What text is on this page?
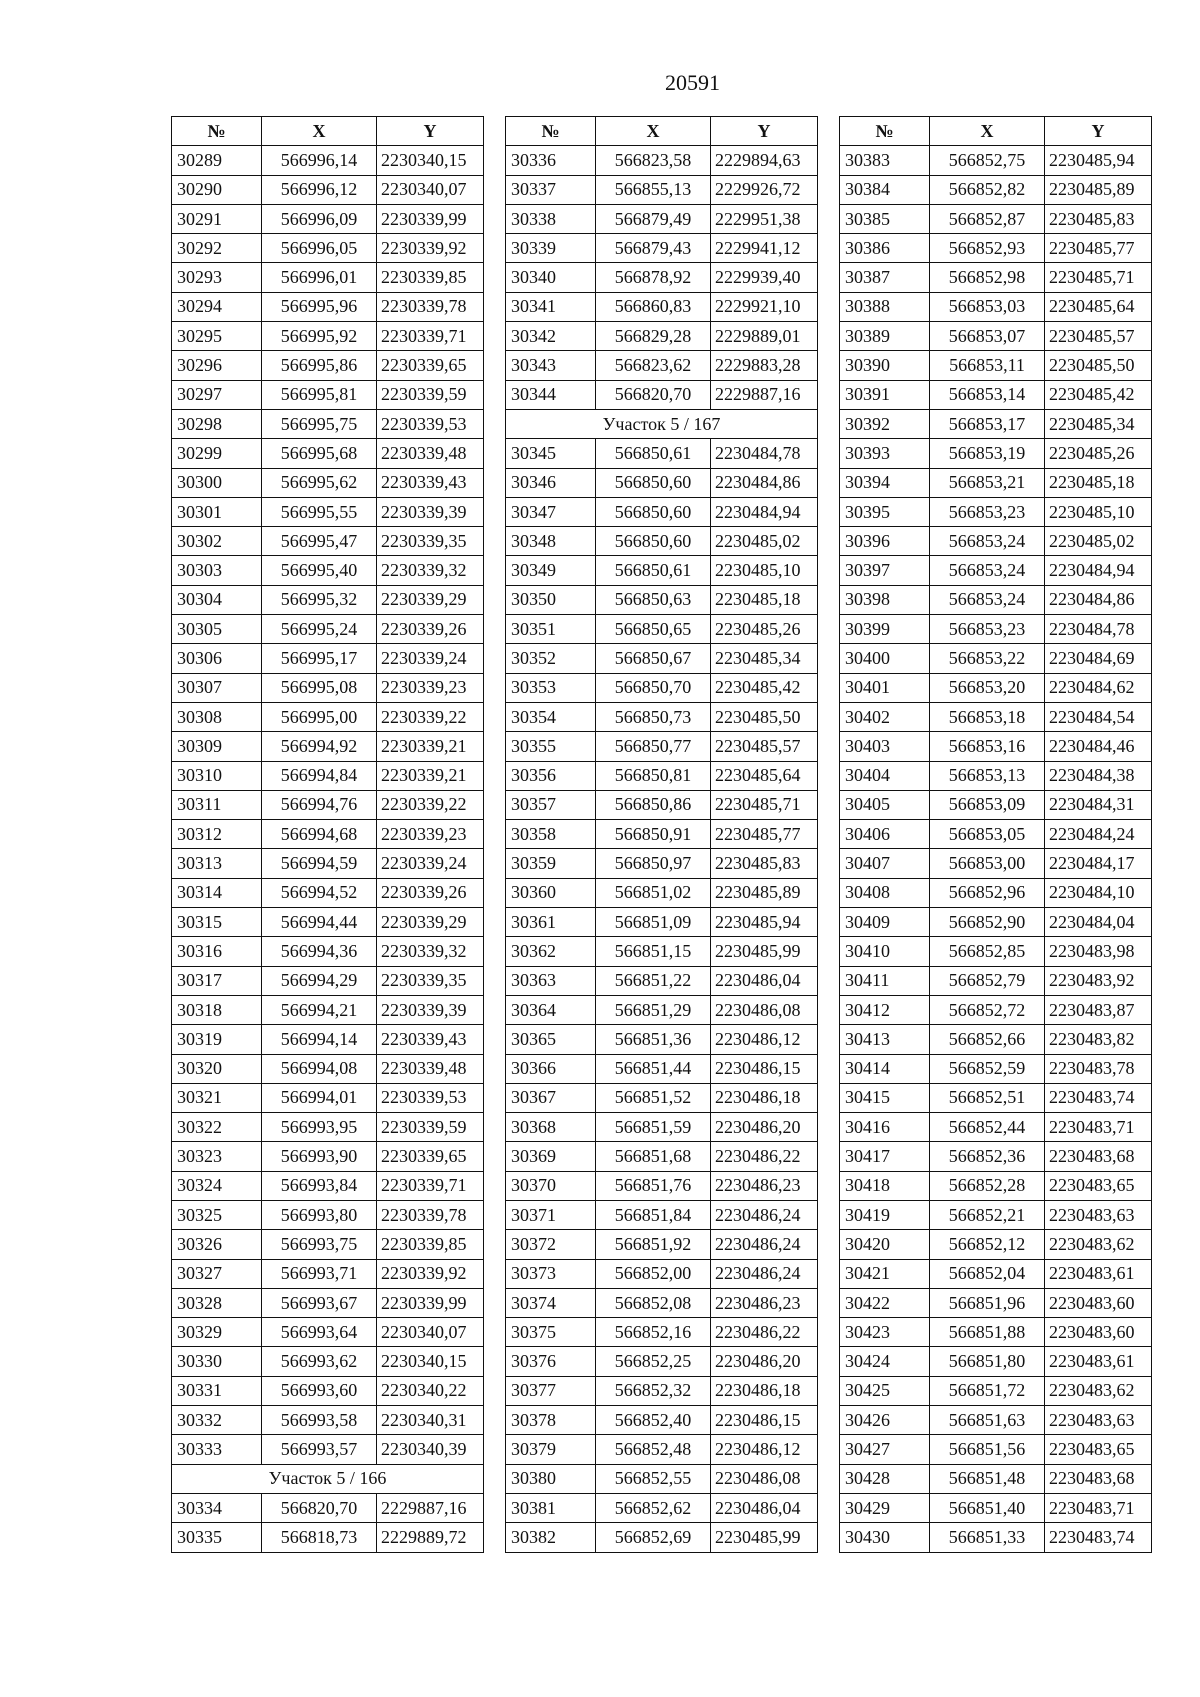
20591
№	X	Y
30289	566996,14	2230340,15
30290	566996,12	2230340,07
30291	566996,09	2230339,99
30292	566996,05	2230339,92
30293	566996,01	2230339,85
30294	566995,96	2230339,78
30295	566995,92	2230339,71
30296	566995,86	2230339,65
30297	566995,81	2230339,59
30298	566995,75	2230339,53
30299	566995,68	2230339,48
30300	566995,62	2230339,43
30301	566995,55	2230339,39
30302	566995,47	2230339,35
30303	566995,40	2230339,32
30304	566995,32	2230339,29
30305	566995,24	2230339,26
30306	566995,17	2230339,24
30307	566995,08	2230339,23
30308	566995,00	2230339,22
30309	566994,92	2230339,21
30310	566994,84	2230339,21
30311	566994,76	2230339,22
30312	566994,68	2230339,23
30313	566994,59	2230339,24
30314	566994,52	2230339,26
30315	566994,44	2230339,29
30316	566994,36	2230339,32
30317	566994,29	2230339,35
30318	566994,21	2230339,39
30319	566994,14	2230339,43
30320	566994,08	2230339,48
30321	566994,01	2230339,53
30322	566993,95	2230339,59
30323	566993,90	2230339,65
30324	566993,84	2230339,71
30325	566993,80	2230339,78
30326	566993,75	2230339,85
30327	566993,71	2230339,92
30328	566993,67	2230339,99
30329	566993,64	2230340,07
30330	566993,62	2230340,15
30331	566993,60	2230340,22
30332	566993,58	2230340,31
30333	566993,57	2230340,39
Участок 5 / 166		
30334	566820,70	2229887,16
30335	566818,73	2229889,72
№	X	Y
30336	566823,58	2229894,63
30337	566855,13	2229926,72
30338	566879,49	2229951,38
30339	566879,43	2229941,12
30340	566878,92	2229939,40
30341	566860,83	2229921,10
30342	566829,28	2229889,01
30343	566823,62	2229883,28
30344	566820,70	2229887,16
Участок 5 / 167		
30345	566850,61	2230484,78
30346	566850,60	2230484,86
30347	566850,60	2230484,94
30348	566850,60	2230485,02
30349	566850,61	2230485,10
30350	566850,63	2230485,18
30351	566850,65	2230485,26
30352	566850,67	2230485,34
30353	566850,70	2230485,42
30354	566850,73	2230485,50
30355	566850,77	2230485,57
30356	566850,81	2230485,64
30357	566850,86	2230485,71
30358	566850,91	2230485,77
30359	566850,97	2230485,83
30360	566851,02	2230485,89
30361	566851,09	2230485,94
30362	566851,15	2230485,99
30363	566851,22	2230486,04
30364	566851,29	2230486,08
30365	566851,36	2230486,12
30366	566851,44	2230486,15
30367	566851,52	2230486,18
30368	566851,59	2230486,20
30369	566851,68	2230486,22
30370	566851,76	2230486,23
30371	566851,84	2230486,24
30372	566851,92	2230486,24
30373	566852,00	2230486,24
30374	566852,08	2230486,23
30375	566852,16	2230486,22
30376	566852,25	2230486,20
30377	566852,32	2230486,18
30378	566852,40	2230486,15
30379	566852,48	2230486,12
30380	566852,55	2230486,08
30381	566852,62	2230486,04
30382	566852,69	2230485,99
№	X	Y
30383	566852,75	2230485,94
30384	566852,82	2230485,89
30385	566852,87	2230485,83
30386	566852,93	2230485,77
30387	566852,98	2230485,71
30388	566853,03	2230485,64
30389	566853,07	2230485,57
30390	566853,11	2230485,50
30391	566853,14	2230485,42
30392	566853,17	2230485,34
30393	566853,19	2230485,26
30394	566853,21	2230485,18
30395	566853,23	2230485,10
30396	566853,24	2230485,02
30397	566853,24	2230484,94
30398	566853,24	2230484,86
30399	566853,23	2230484,78
30400	566853,22	2230484,69
30401	566853,20	2230484,62
30402	566853,18	2230484,54
30403	566853,16	2230484,46
30404	566853,13	2230484,38
30405	566853,09	2230484,31
30406	566853,05	2230484,24
30407	566853,00	2230484,17
30408	566852,96	2230484,10
30409	566852,90	2230484,04
30410	566852,85	2230483,98
30411	566852,79	2230483,92
30412	566852,72	2230483,87
30413	566852,66	2230483,82
30414	566852,59	2230483,78
30415	566852,51	2230483,74
30416	566852,44	2230483,71
30417	566852,36	2230483,68
30418	566852,28	2230483,65
30419	566852,21	2230483,63
30420	566852,12	2230483,62
30421	566852,04	2230483,61
30422	566851,96	2230483,60
30423	566851,88	2230483,60
30424	566851,80	2230483,61
30425	566851,72	2230483,62
30426	566851,63	2230483,63
30427	566851,56	2230483,65
30428	566851,48	2230483,68
30429	566851,40	2230483,71
30430	566851,33	2230483,74
